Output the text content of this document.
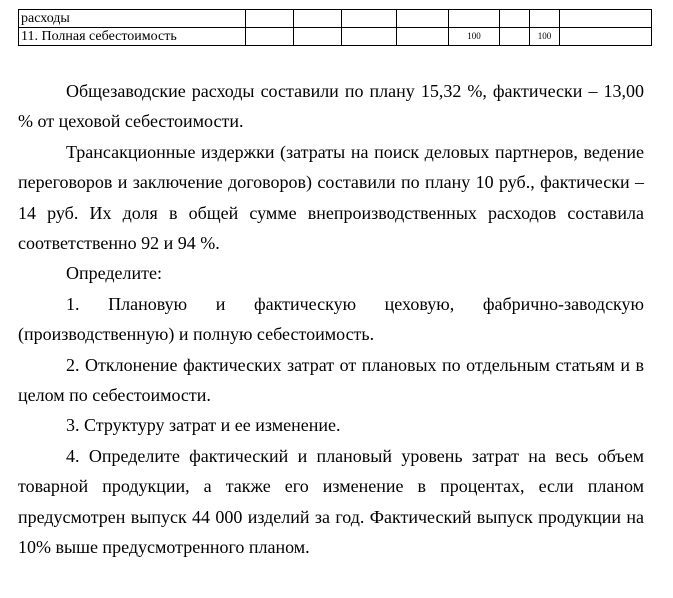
расходы								
11. Полная себестоимость					100		100	

Общезаводские расходы составили по плану 15,32 %, фактически – 13,00 % от цеховой себестоимости.

Трансакционные издержки (затраты на поиск деловых партнеров, ведение переговоров и заключение договоров) составили по плану 10 руб., фактически – 14 руб. Их доля в общей сумме внепроизводственных расходов составила соответственно 92 и 94 %.

Определите:

1. Плановую и фактическую цеховую, фабрично-заводскую (производственную) и полную себестоимость.

2. Отклонение фактических затрат от плановых по отдельным статьям и в целом по себестоимости.

3. Структуру затрат и ее изменение.

4. Определите фактический и плановый уровень затрат на весь объем товарной продукции, а также его изменение в процентах, если планом предусмотрен выпуск 44 000 изделий за год. Фактический выпуск продукции на 10% выше предусмотренного планом.
